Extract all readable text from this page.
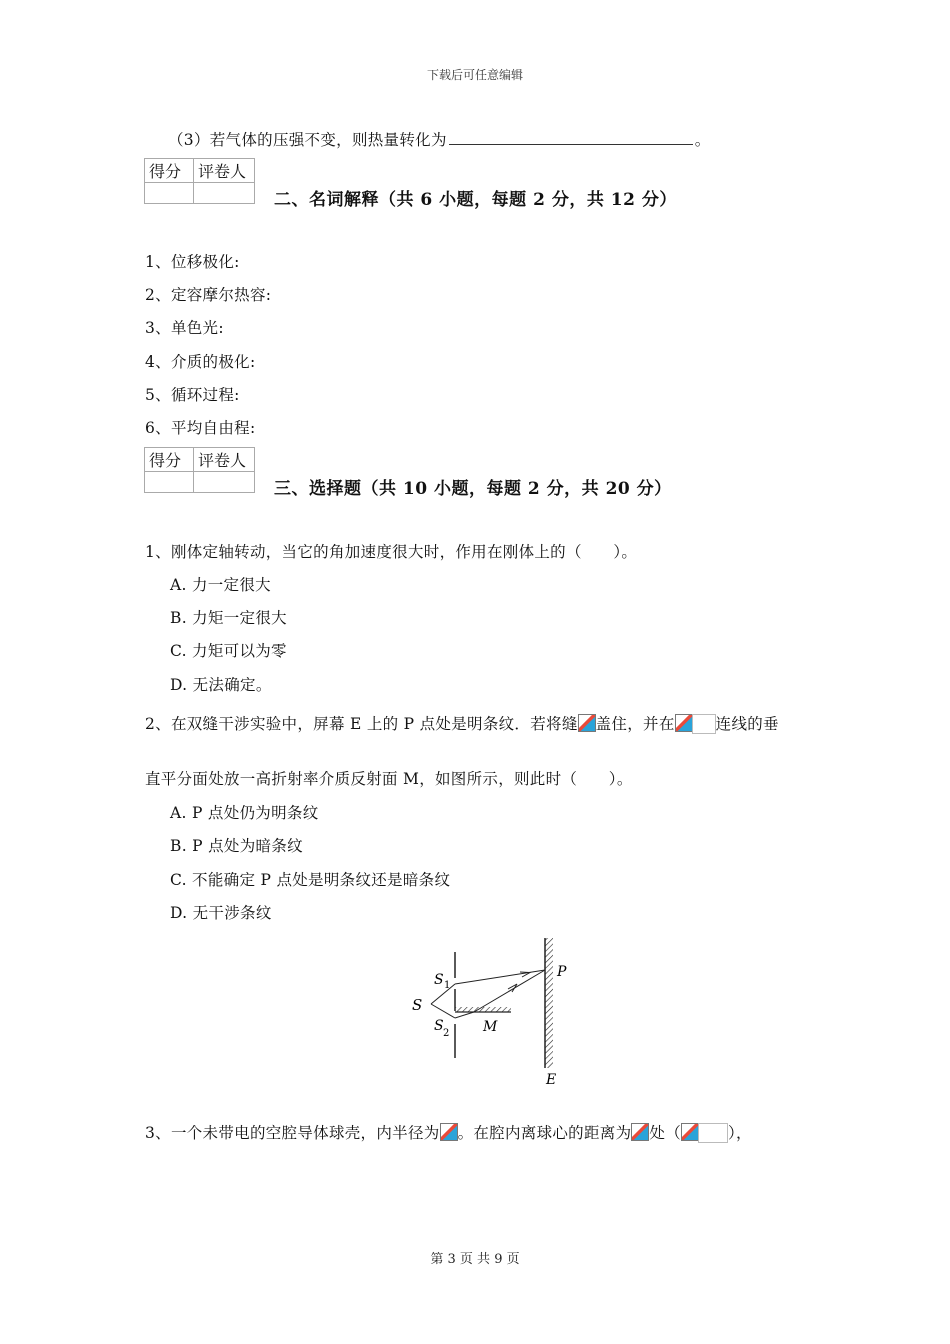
下载后可任意编辑
（3）若气体的压强不变，则热量转化为	。
得分	评卷人

二、名词解释（共 6 小题，每题 2 分，共 12 分）
1、位移极化:
2、定容摩尔热容:
3、单色光:
4、介质的极化:
5、循环过程:
6、平均自由程:
得分	评卷人

三、选择题（共 10 小题，每题 2 分，共 20 分）
1、刚体定轴转动，当它的角加速度很大时，作用在刚体上的（　　）。
A. 力一定很大
B. 力矩一定很大
C. 力矩可以为零
D. 无法确定。
2、在双缝干涉实验中，屏幕 E 上的 P 点处是明条纹．若将缝 盖住，并在	连线的垂
直平分面处放一高折射率介质反射面 M，如图所示，则此时（　　）。
A. P 点处仍为明条纹
B. P 点处为暗条纹
C. 不能确定 P 点处是明条纹还是暗条纹
D. 无干涉条纹
S
S 1
S 2
P
M
E
3、一个未带电的空腔导体球壳，内半径为 。在腔内离球心的距离为 处（	），
第 3 页 共 9 页
